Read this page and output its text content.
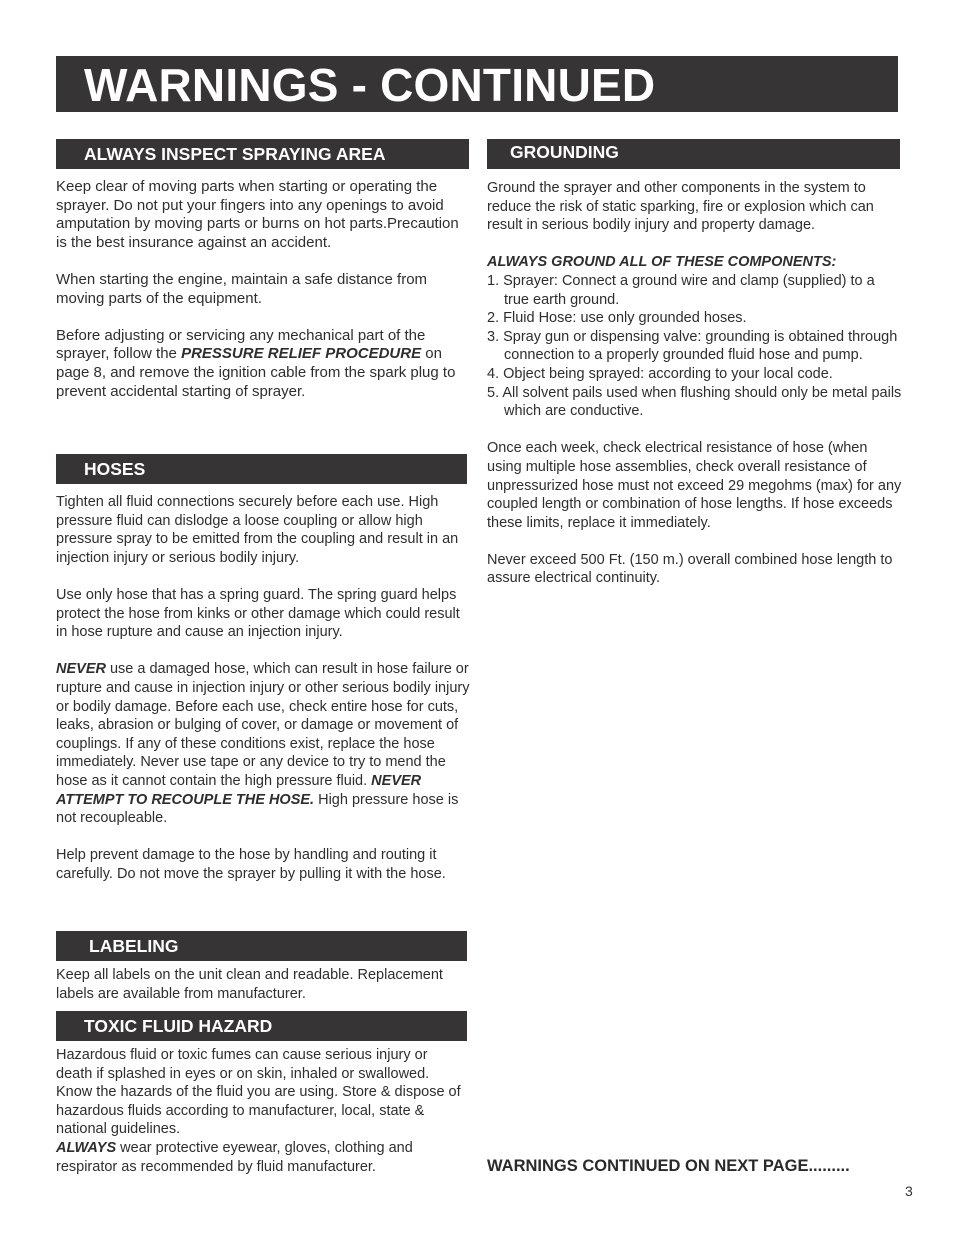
WARNINGS - CONTINUED
ALWAYS INSPECT SPRAYING AREA

Keep clear of moving parts when starting or operating the sprayer. Do not put your fingers into any openings to avoid amputation by moving parts or burns on hot parts.Precaution is the best insurance against an accident.

When starting the engine, maintain a safe distance from moving parts of the equipment.

Before adjusting or servicing any mechanical part of the sprayer, follow the PRESSURE RELIEF PROCEDURE on page 8, and remove the ignition cable from the spark plug to prevent accidental starting of sprayer.

HOSES

Tighten all fluid connections securely before each use. High pressure fluid can dislodge a loose coupling or allow high pressure spray to be emitted from the coupling and result in an injection injury or serious bodily injury.

Use only hose that has a spring guard. The spring guard helps protect the hose from kinks or other damage which could result in hose rupture and cause an injection injury.

NEVER use a damaged hose, which can result in hose failure or rupture and cause in injection injury or other serious bodily injury or bodily damage. Before each use, check entire hose for cuts, leaks, abrasion or bulging of cover, or damage or movement of couplings. If any of these conditions exist, replace the hose immediately. Never use tape or any device to try to mend the hose as it cannot contain the high pressure fluid. NEVER ATTEMPT TO RECOUPLE THE HOSE. High pressure hose is not recoupleable.

Help prevent damage to the hose by handling and routing it carefully. Do not move the sprayer by pulling it with the hose.

LABELING

Keep all labels on the unit clean and readable. Replacement labels are available from manufacturer.

TOXIC FLUID HAZARD

Hazardous fluid or toxic fumes can cause serious injury or death if splashed in eyes or on skin, inhaled or swallowed. Know the hazards of the fluid you are using. Store & dispose of hazardous fluids according to manufacturer, local, state & national guidelines.

ALWAYS wear protective eyewear, gloves, clothing and respirator as recommended by fluid manufacturer.

GROUNDING

Ground the sprayer and other components in the system to reduce the risk of static sparking, fire or explosion which can result in serious bodily injury and property damage.

ALWAYS GROUND ALL OF THESE COMPONENTS:

1. Sprayer: Connect a ground wire and clamp (supplied) to a true earth ground.
2. Fluid Hose: use only grounded hoses.
3. Spray gun or dispensing valve: grounding is obtained through connection to a properly grounded fluid hose and pump.
4. Object being sprayed: according to your local code.
5. All solvent pails used when flushing should only be metal pails which are conductive.

Once each week, check electrical resistance of hose (when using multiple hose assemblies, check overall resistance of unpressurized hose must not exceed 29 megohms (max) for any coupled length or combination of hose lengths. If hose exceeds these limits, replace it immediately.

Never exceed 500 Ft. (150 m.) overall combined hose length to assure electrical continuity.

WARNINGS CONTINUED ON NEXT PAGE.........
3
